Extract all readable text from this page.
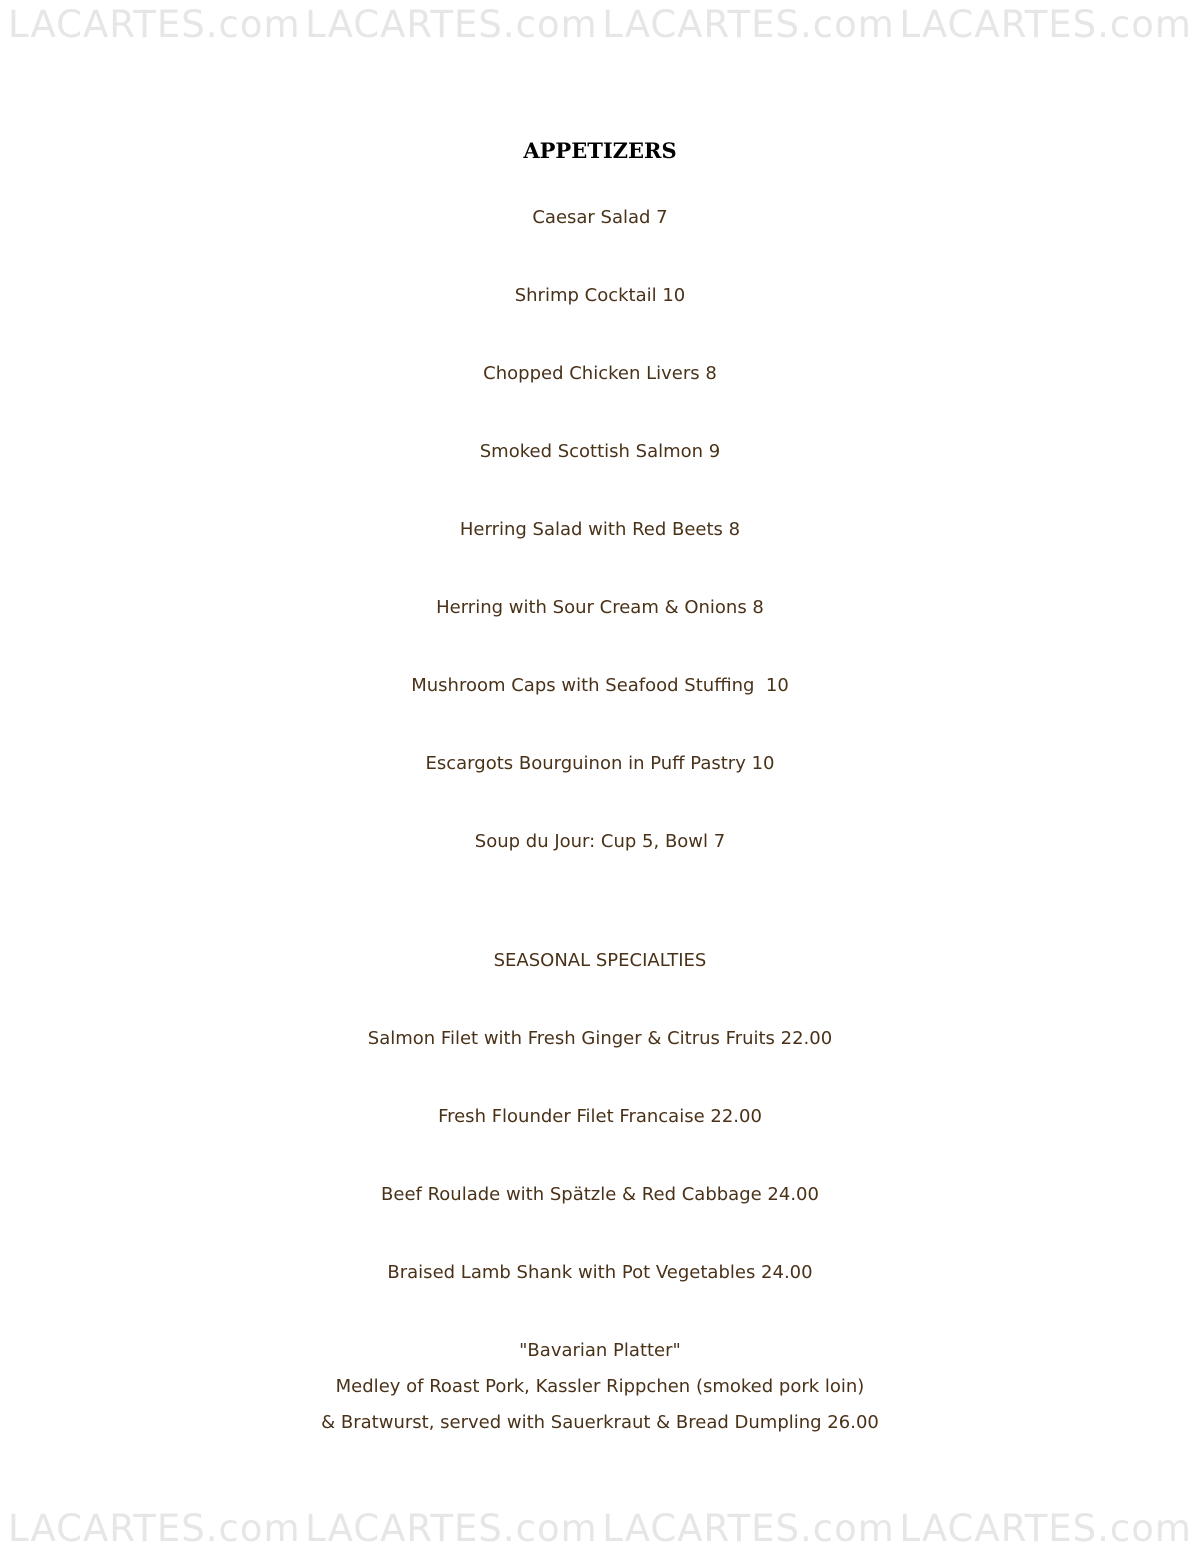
LACARTES.com LACARTES.com LACARTES.com LACARTES.com
LACARTES.com LACARTES.com LACARTES.com LACARTES.com
APPETIZERS
Caesar Salad 7
Shrimp Cocktail 10
Chopped Chicken Livers 8
Smoked Scottish Salmon 9
Herring Salad with Red Beets 8
Herring with Sour Cream & Onions 8
Mushroom Caps with Seafood Stuffing  10
Escargots Bourguinon in Puff Pastry 10
Soup du Jour: Cup 5, Bowl 7
SEASONAL SPECIALTIES
Salmon Filet with Fresh Ginger & Citrus Fruits 22.00
Fresh Flounder Filet Francaise 22.00
Beef Roulade with Spätzle & Red Cabbage 24.00
Braised Lamb Shank with Pot Vegetables 24.00
"Bavarian Platter"
Medley of Roast Pork, Kassler Rippchen (smoked pork loin)
& Bratwurst, served with Sauerkraut & Bread Dumpling 26.00
